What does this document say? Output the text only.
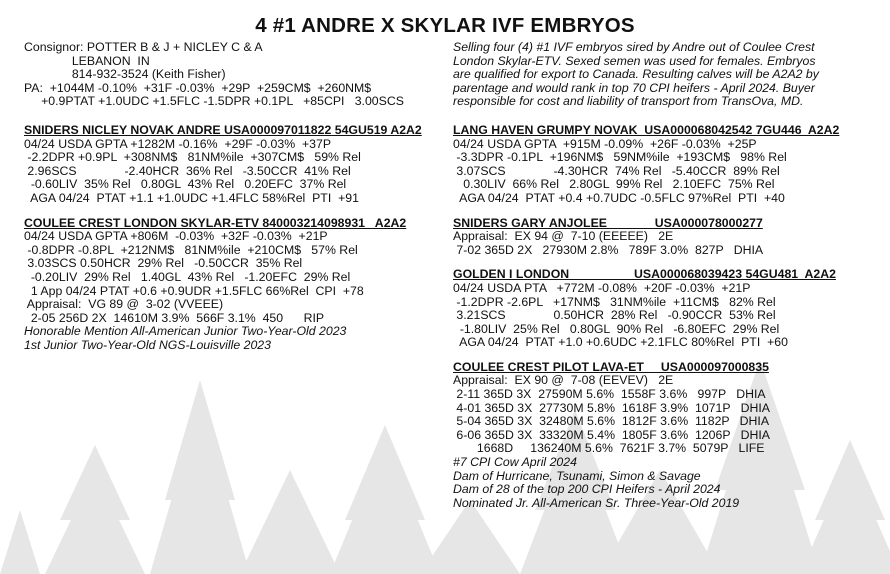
4 #1 ANDRE X SKYLAR IVF EMBRYOS
Consignor: POTTER B & J + NICLEY C & A
LEBANON  IN
814-932-3524 (Keith Fisher)
PA:  +1044M -0.10%  +31F -0.03%  +29P  +259CM$  +260NM$
+0.9PTAT +1.0UDC +1.5FLC -1.5DPR +0.1PL   +85CPI   3.00SCS
SNIDERS NICLEY NOVAK ANDRE USA000097011822 54GU519 A2A2
04/24 USDA GPTA +1282M -0.16%  +29F -0.03%  +37P
-2.2DPR +0.9PL  +308NM$   81NM%ile  +307CM$   59% Rel
2.96SCS              -2.40HCR  36% Rel   -3.50CCR  41% Rel
-0.60LIV  35% Rel   0.80GL  43% Rel   0.20EFC  37% Rel
AGA 04/24  PTAT +1.1 +1.0UDC +1.4FLC 58%Rel  PTI  +91
COULEE CREST LONDON SKYLAR-ETV 840003214098931   A2A2
04/24 USDA GPTA +806M  -0.03%  +32F -0.03%  +21P
-0.8DPR -0.8PL  +212NM$   81NM%ile  +210CM$   57% Rel
3.03SCS 0.50HCR  29% Rel   -0.50CCR  35% Rel
-0.20LIV  29% Rel   1.40GL  43% Rel   -1.20EFC  29% Rel
1 App 04/24 PTAT +0.6 +0.9UDR +1.5FLC 66%Rel  CPI  +78
Appraisal:  VG 89 @  3-02 (VVEEE)
2-05 256D 2X  14610M 3.9%  566F 3.1%  450      RIP
Honorable Mention All-American Junior Two-Year-Old 2023
1st Junior Two-Year-Old NGS-Louisville 2023
Selling four (4) #1 IVF embryos sired by Andre out of Coulee Crest
London Skylar-ETV. Sexed semen was used for females. Embryos
are qualified for export to Canada. Resulting calves will be A2A2 by
parentage and would rank in top 70 CPI heifers - April 2024. Buyer
responsible for cost and liability of transport from TransOva, MD.
LANG HAVEN GRUMPY NOVAK  USA000068042542 7GU446  A2A2
04/24 USDA GPTA  +915M -0.09%  +26F -0.03%  +25P
-3.3DPR -0.1PL  +196NM$   59NM%ile  +193CM$   98% Rel
3.07SCS              -4.30HCR  74% Rel   -5.40CCR  89% Rel
0.30LIV  66% Rel   2.80GL  99% Rel   2.10EFC  75% Rel
AGA 04/24  PTAT +0.4 +0.7UDC -0.5FLC 97%Rel  PTI  +40
SNIDERS GARY ANJOLEE              USA000078000277
Appraisal:  EX 94 @  7-10 (EEEEE)   2E
7-02 365D 2X   27930M 2.8%   789F 3.0%  827P   DHIA
GOLDEN I LONDON                   USA000068039423 54GU481  A2A2
04/24 USDA PTA   +772M -0.08%  +20F -0.03%  +21P
-1.2DPR -2.6PL   +17NM$   31NM%ile  +11CM$   82% Rel
3.21SCS              0.50HCR  28% Rel   -0.90CCR  53% Rel
-1.80LIV  25% Rel   0.80GL  90% Rel   -6.80EFC  29% Rel
AGA 04/24  PTAT +1.0 +0.6UDC +2.1FLC 80%Rel  PTI  +60
COULEE CREST PILOT LAVA-ET     USA000097000835
Appraisal:  EX 90 @  7-08 (EEVEV)   2E
2-11 365D 3X  27590M 5.6%  1558F 3.6%   997P   DHIA
4-01 365D 3X  27730M 5.8%  1618F 3.9%  1071P   DHIA
5-04 365D 3X  32480M 5.6%  1812F 3.6%  1182P   DHIA
6-06 365D 3X  33320M 5.4%  1805F 3.6%  1206P   DHIA
1668D     136240M 5.6%  7621F 3.7%  5079P   LIFE
#7 CPI Cow April 2024
Dam of Hurricane, Tsunami, Simon & Savage
Dam of 28 of the top 200 CPI Heifers - April 2024
Nominated Jr. All-American Sr. Three-Year-Old 2019
